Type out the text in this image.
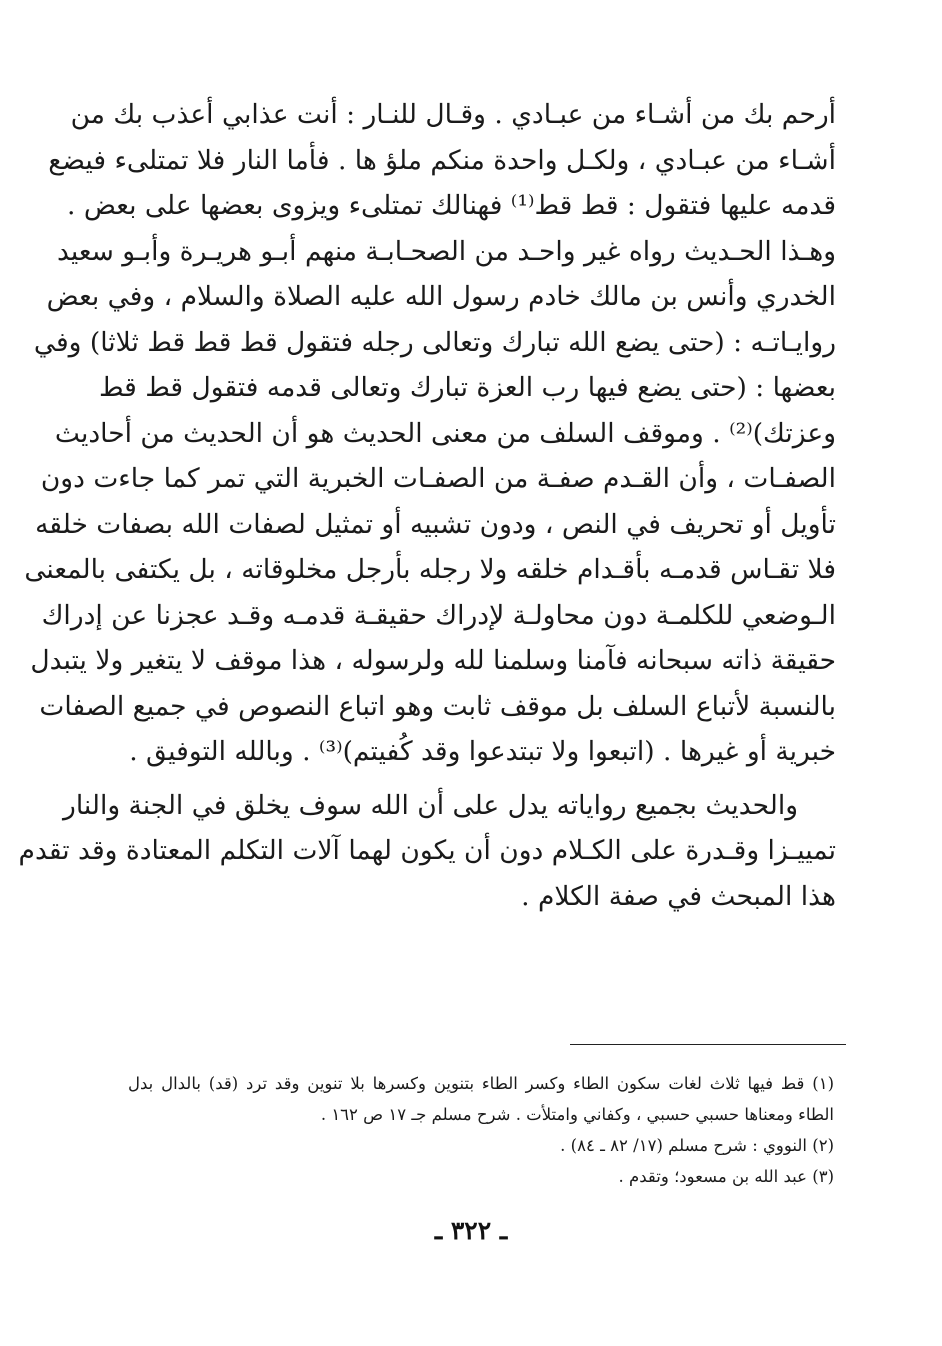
أرحم بك من أشـاء من عبـادي . وقـال للنـار : أنت عذابي أعذب بك من
أشـاء من عبـادي ، ولكـل واحدة منكم ملؤ ها . فأما النار فلا تمتلىء فيضع
قدمه عليها فتقول : قط قط⁽¹⁾ فهنالك تمتلىء ويزوى بعضها على بعض .
وهـذا الحـديث رواه غير واحـد من الصحـابـة منهم أبـو هريـرة وأبـو سعيد
الخدري وأنس بن مالك خادم رسول الله عليه الصلاة والسلام ، وفي بعض
روايـاتـه : (حتى يضع الله تبارك وتعالى رجله فتقول قط قط قط ثلاثا) وفي
بعضها : (حتى يضع فيها رب العزة تبارك وتعالى قدمه فتقول قط قط
وعزتك)⁽²⁾ . وموقف السلف من معنى الحديث هو أن الحديث من أحاديث
الصفـات ، وأن القـدم صفـة من الصفـات الخبرية التي تمر كما جاءت دون
تأويل أو تحريف في النص ، ودون تشبيه أو تمثيل لصفات الله بصفات خلقه
فلا تقـاس قدمـه بأقـدام خلقه ولا رجله بأرجل مخلوقاته ، بل يكتفى بالمعنى
الـوضعي للكلمـة دون محاولـة لإدراك حقيقـة قدمـه وقـد عجزنا عن إدراك
حقيقة ذاته سبحانه فآمنا وسلمنا لله ولرسوله ، هذا موقف لا يتغير ولا يتبدل
بالنسبة لأتباع السلف بل موقف ثابت وهو اتباع النصوص في جميع الصفات
خبرية أو غيرها . (اتبعوا ولا تبتدعوا وقد كُفيتم)⁽³⁾ . وبالله التوفيق .
والحديث بجميع رواياته يدل على أن الله سوف يخلق في الجنة والنار
تمييـزا وقـدرة على الكـلام دون أن يكون لهما آلات التكلم المعتادة وقد تقدم
هذا المبحث في صفة الكلام .
(١) قط فيها ثلاث لغات سكون الطاء وكسر الطاء بتنوين وكسرها بلا تنوين وقد ترد (قد) بالدال بدل
الطاء ومعناها حسبي حسبي ، وكفاني وامتلأت . شرح مسلم جـ ١٧ ص ١٦٢ .
(٢) النووي : شرح مسلم (١٧/ ٨٢ ـ ٨٤) .
(٣) عبد الله بن مسعود؛ وتقدم .
ـ ٣٢٢ ـ
